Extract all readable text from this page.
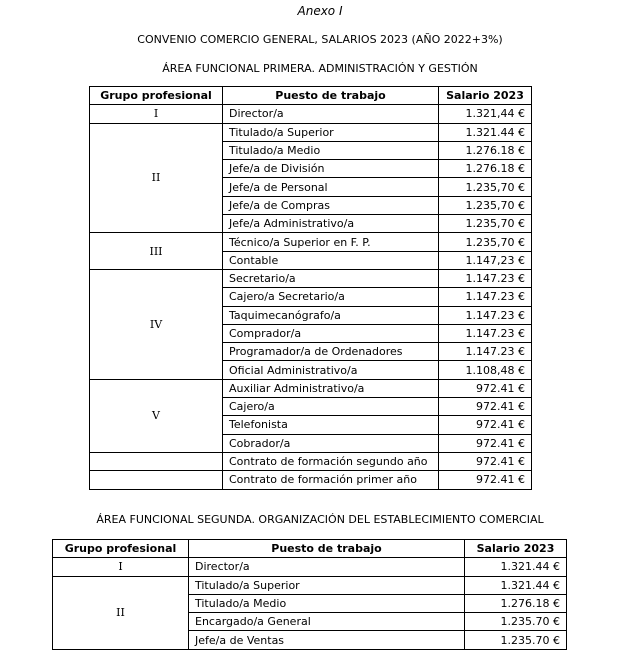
Anexo I
CONVENIO COMERCIO GENERAL, SALARIOS 2023 (AÑO 2022+3%)
ÁREA FUNCIONAL PRIMERA. ADMINISTRACIÓN Y GESTIÓN
Grupo profesional	Puesto de trabajo	Salario 2023
I	Director/a	1.321,44 €
II	Titulado/a Superior	1.321.44 €
	Titulado/a Medio	1.276.18 €
	Jefe/a de División	1.276.18 €
	Jefe/a de Personal	1.235,70 €
	Jefe/a de Compras	1.235,70 €
	Jefe/a Administrativo/a	1.235,70 €
III	Técnico/a Superior en F. P.	1.235,70 €
	Contable	1.147,23 €
IV	Secretario/a	1.147.23 €
	Cajero/a Secretario/a	1.147.23 €
	Taquimecanógrafo/a	1.147.23 €
	Comprador/a	1.147.23 €
	Programador/a de Ordenadores	1.147.23 €
	Oficial Administrativo/a	1.108,48 €
V	Auxiliar Administrativo/a	972.41 €
	Cajero/a	972.41 €
	Telefonista	972.41 €
	Cobrador/a	972.41 €
	Contrato de formación segundo año	972.41 €
	Contrato de formación primer año	972.41 €
ÁREA FUNCIONAL SEGUNDA. ORGANIZACIÓN DEL ESTABLECIMIENTO COMERCIAL
Grupo profesional	Puesto de trabajo	Salario 2023
I	Director/a	1.321.44 €
II	Titulado/a Superior	1.321.44 €
	Titulado/a Medio	1.276.18 €
	Encargado/a General	1.235.70 €
	Jefe/a de Ventas	1.235.70 €
